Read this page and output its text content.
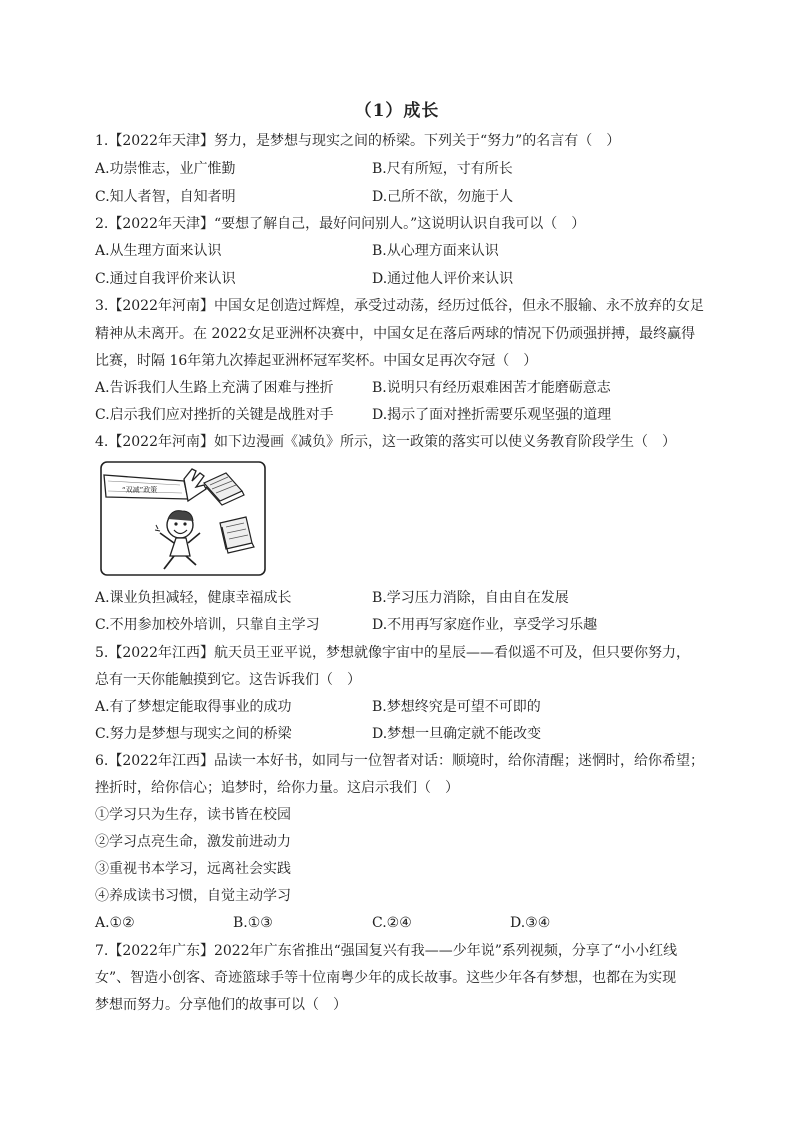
（1）成长
1.【2022年天津】努力，是梦想与现实之间的桥梁。下列关于“努力”的名言有（　）
A.功崇惟志，业广惟勤	B.尺有所短，寸有所长
C.知人者智，自知者明	D.己所不欲，勿施于人
2.【2022年天津】“要想了解自己，最好问问别人。”这说明认识自我可以（　）
A.从生理方面来认识	B.从心理方面来认识
C.通过自我评价来认识	D.通过他人评价来认识
3.【2022年河南】中国女足创造过辉煌，承受过动荡，经历过低谷，但永不服输、永不放弃的女足
精神从未离开。在 2022女足亚洲杯决赛中，中国女足在落后两球的情况下仍顽强拼搏，最终赢得
比赛，时隔 16年第九次捧起亚洲杯冠军奖杯。中国女足再次夺冠（　）
A.告诉我们人生路上充满了困难与挫折	B.说明只有经历艰难困苦才能磨砺意志
C.启示我们应对挫折的关键是战胜对手	D.揭示了面对挫折需要乐观坚强的道理
4.【2022年河南】如下边漫画《减负》所示，这一政策的落实可以使义务教育阶段学生（　）
“双减”政策
A.课业负担减轻，健康幸福成长	B.学习压力消除，自由自在发展
C.不用参加校外培训，只靠自主学习	D.不用再写家庭作业，享受学习乐趣
5.【2022年江西】航天员王亚平说，梦想就像宇宙中的星辰——看似遥不可及，但只要你努力，
总有一天你能触摸到它。这告诉我们（　）
A.有了梦想定能取得事业的成功	B.梦想终究是可望不可即的
C.努力是梦想与现实之间的桥梁	D.梦想一旦确定就不能改变
6.【2022年江西】品读一本好书，如同与一位智者对话：顺境时，给你清醒；迷惘时，给你希望；
挫折时，给你信心；追梦时，给你力量。这启示我们（　）
①学习只为生存，读书皆在校园
②学习点亮生命，激发前进动力
③重视书本学习，远离社会实践
④养成读书习惯，自觉主动学习
A.①②	B.①③	C.②④	D.③④
7.【2022年广东】2022年广东省推出“强国复兴有我——少年说”系列视频，分享了“小小红线
女”、智造小创客、奇迹篮球手等十位南粤少年的成长故事。这些少年各有梦想，也都在为实现
梦想而努力。分享他们的故事可以（　）
